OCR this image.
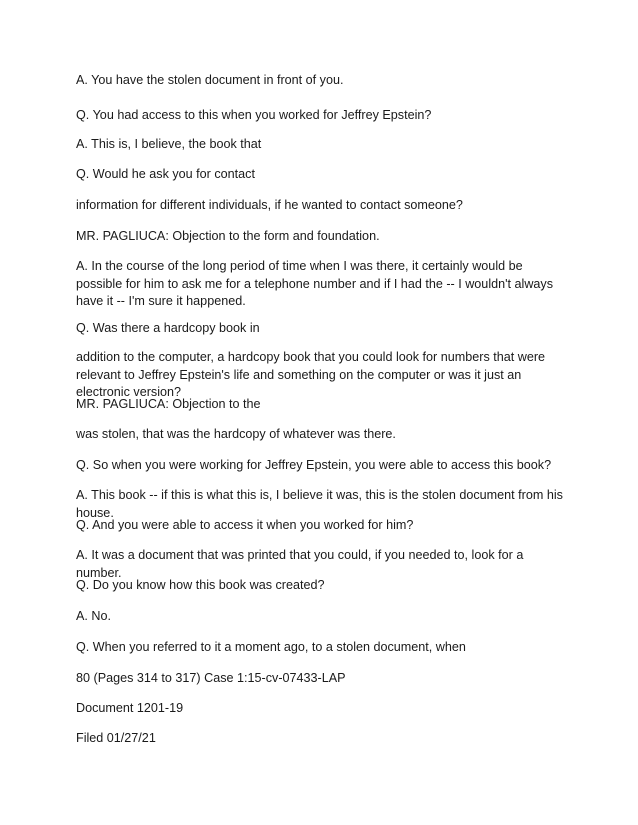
A. You have the stolen document in front of you.

Q. You had access to this when you worked for Jeffrey Epstein?

A. This is, I believe, the book that

Q. Would he ask you for contact

information for different individuals, if he wanted to contact someone?

MR. PAGLIUCA: Objection to the form and foundation.

A. In the course of the long period of time when I was there, it certainly would be possible for him to ask me for a telephone number and if I had the -- I wouldn't always have it -- I'm sure it happened.

Q. Was there a hardcopy book in

addition to the computer, a hardcopy book that you could look for numbers that were relevant to Jeffrey Epstein's life and something on the computer or was it just an electronic version?

MR. PAGLIUCA: Objection to the

was stolen, that was the hardcopy of whatever was there.

Q. So when you were working for Jeffrey Epstein, you were able to access this book?

A. This book -- if this is what this is, I believe it was, this is the stolen document from his house.

Q. And you were able to access it when you worked for him?

A. It was a document that was printed that you could, if you needed to, look for a number.

Q. Do you know how this book was created?

A. No.

Q. When you referred to it a moment ago, to a stolen document, when

80 (Pages 314 to 317) Case 1:15-cv-07433-LAP

Document 1201-19

Filed 01/27/21
